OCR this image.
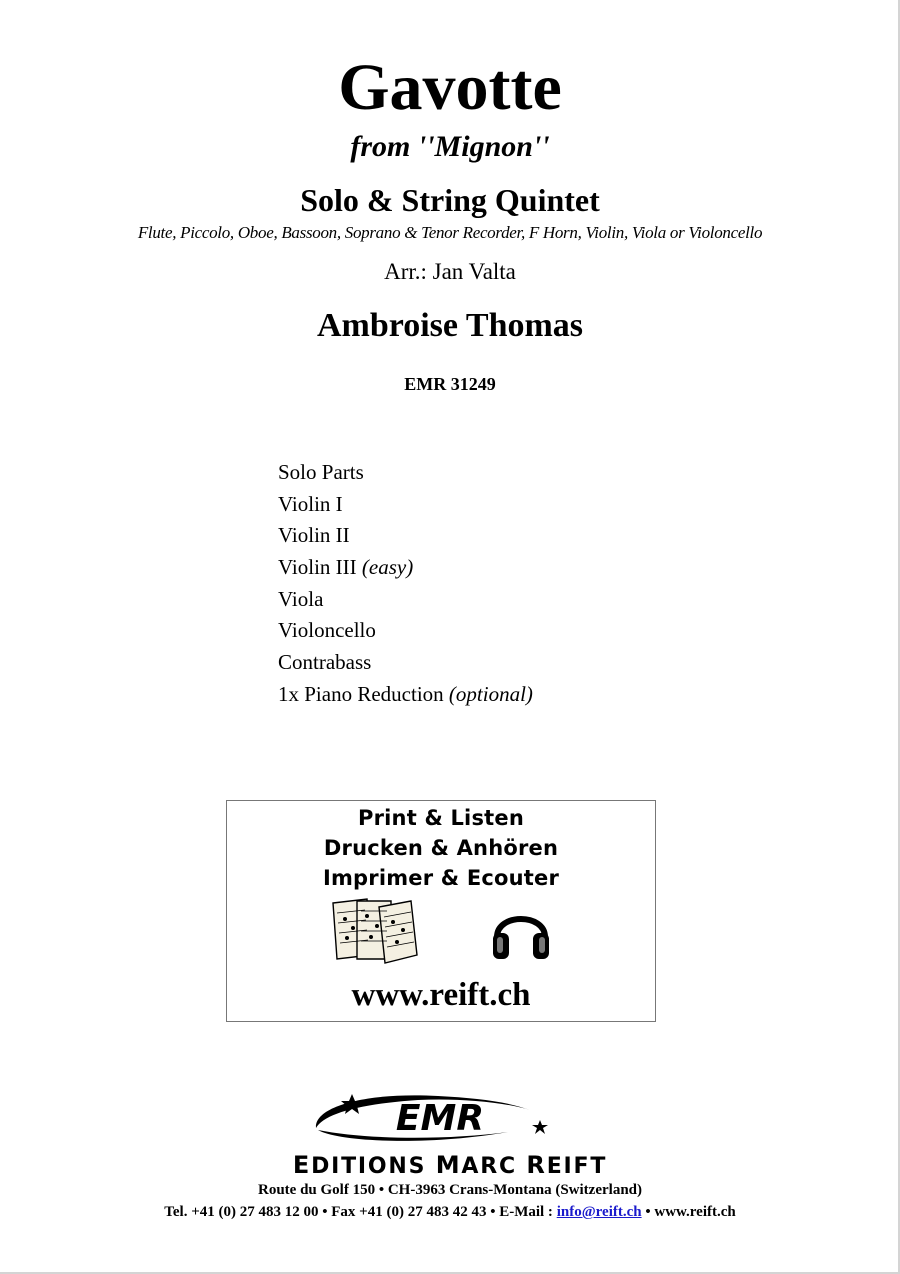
Gavotte
from ''Mignon''
Solo & String Quintet
Flute, Piccolo, Oboe, Bassoon, Soprano & Tenor Recorder, F Horn, Violin, Viola or Violoncello
Arr.: Jan Valta
Ambroise Thomas
EMR 31249
Solo Parts
Violin I
Violin II
Violin III (easy)
Viola
Violoncello
Contrabass
1x Piano Reduction (optional)
Print & Listen
Drucken & Anhören
Imprimer & Ecouter
www.reift.ch
EMR
EDITIONS MARC REIFT
Route du Golf 150 • CH-3963 Crans-Montana (Switzerland)
Tel. +41 (0) 27 483 12 00 • Fax +41 (0) 27 483 42 43 • E-Mail : info@reift.ch • www.reift.ch
